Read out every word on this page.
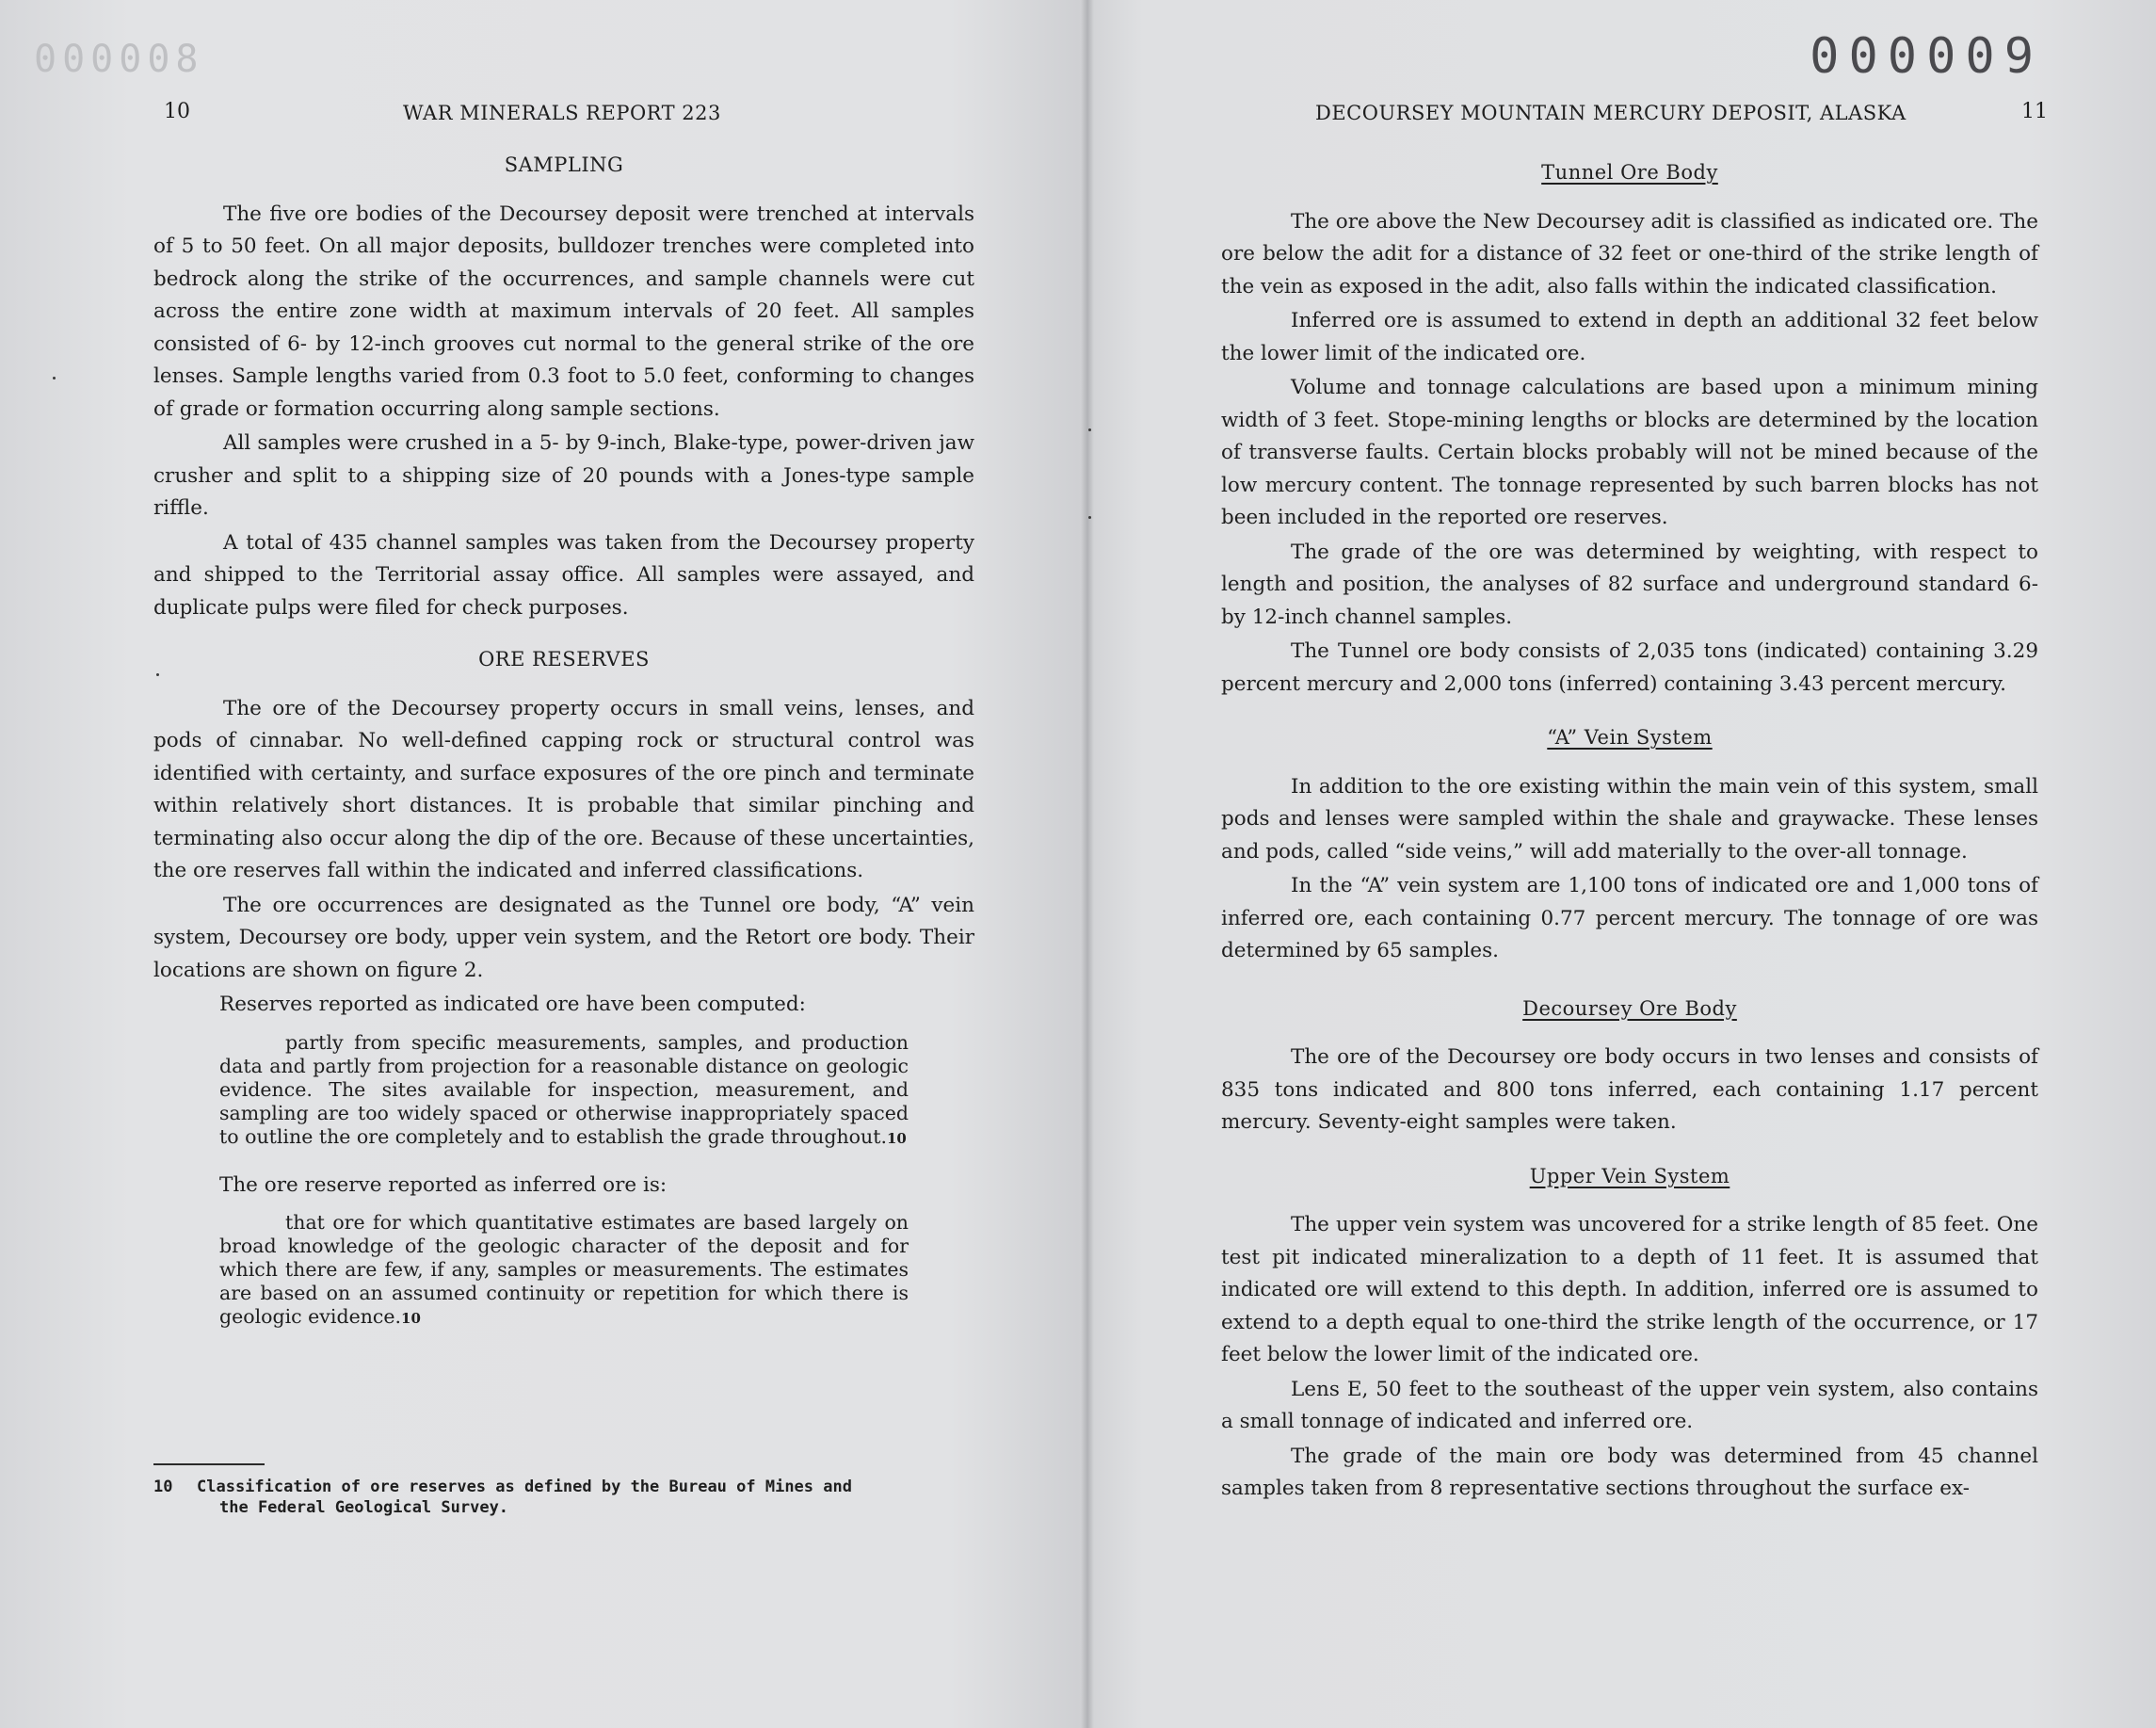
000008
10	WAR MINERALS REPORT 223
SAMPLING

The five ore bodies of the Decoursey deposit were trenched at intervals of 5 to 50 feet. On all major deposits, bulldozer trenches were completed into bedrock along the strike of the occurrences, and sample channels were cut across the entire zone width at maximum intervals of 20 feet. All samples consisted of 6- by 12-inch grooves cut normal to the general strike of the ore lenses. Sample lengths varied from 0.3 foot to 5.0 feet, conforming to changes of grade or formation occurring along sample sections.

All samples were crushed in a 5- by 9-inch, Blake-type, power-driven jaw crusher and split to a shipping size of 20 pounds with a Jones-type sample riffle.

A total of 435 channel samples was taken from the Decoursey property and shipped to the Territorial assay office. All samples were assayed, and duplicate pulps were filed for check purposes.

ORE RESERVES

The ore of the Decoursey property occurs in small veins, lenses, and pods of cinnabar. No well-defined capping rock or structural control was identified with certainty, and surface exposures of the ore pinch and terminate within relatively short distances. It is probable that similar pinching and terminating also occur along the dip of the ore. Because of these uncertainties, the ore reserves fall within the indicated and inferred classifications.

The ore occurrences are designated as the Tunnel ore body, “A” vein system, Decoursey ore body, upper vein system, and the Retort ore body. Their locations are shown on figure 2.

Reserves reported as indicated ore have been computed:

partly from specific measurements, samples, and production data and partly from projection for a reasonable distance on geologic evidence. The sites available for inspection, measurement, and sampling are too widely spaced or otherwise inappropriately spaced to outline the ore completely and to establish the grade throughout.10

The ore reserve reported as inferred ore is:

that ore for which quantitative estimates are based largely on broad knowledge of the geologic character of the deposit and for which there are few, if any, samples or measurements. The estimates are based on an assumed continuity or repetition for which there is geologic evidence.10
10 Classification of ore reserves as defined by the Bureau of Mines and
the Federal Geological Survey.
000009
DECOURSEY MOUNTAIN MERCURY DEPOSIT, ALASKA	11
Tunnel Ore Body

The ore above the New Decoursey adit is classified as indicated ore. The ore below the adit for a distance of 32 feet or one-third of the strike length of the vein as exposed in the adit, also falls within the indicated classification.

Inferred ore is assumed to extend in depth an additional 32 feet below the lower limit of the indicated ore.

Volume and tonnage calculations are based upon a minimum mining width of 3 feet. Stope-mining lengths or blocks are determined by the location of transverse faults. Certain blocks probably will not be mined because of the low mercury content. The tonnage represented by such barren blocks has not been included in the reported ore reserves.

The grade of the ore was determined by weighting, with respect to length and position, the analyses of 82 surface and underground standard 6- by 12-inch channel samples.

The Tunnel ore body consists of 2,035 tons (indicated) containing 3.29 percent mercury and 2,000 tons (inferred) containing 3.43 percent mercury.

“A” Vein System

In addition to the ore existing within the main vein of this system, small pods and lenses were sampled within the shale and graywacke. These lenses and pods, called “side veins,” will add materially to the over-all tonnage.

In the “A” vein system are 1,100 tons of indicated ore and 1,000 tons of inferred ore, each containing 0.77 percent mercury. The tonnage of ore was determined by 65 samples.

Decoursey Ore Body

The ore of the Decoursey ore body occurs in two lenses and consists of 835 tons indicated and 800 tons inferred, each containing 1.17 percent mercury. Seventy-eight samples were taken.

Upper Vein System

The upper vein system was uncovered for a strike length of 85 feet. One test pit indicated mineralization to a depth of 11 feet. It is assumed that indicated ore will extend to this depth. In addition, inferred ore is assumed to extend to a depth equal to one-third the strike length of the occurrence, or 17 feet below the lower limit of the indicated ore.

Lens E, 50 feet to the southeast of the upper vein system, also contains a small tonnage of indicated and inferred ore.

The grade of the main ore body was determined from 45 channel samples taken from 8 representative sections throughout the surface ex-
